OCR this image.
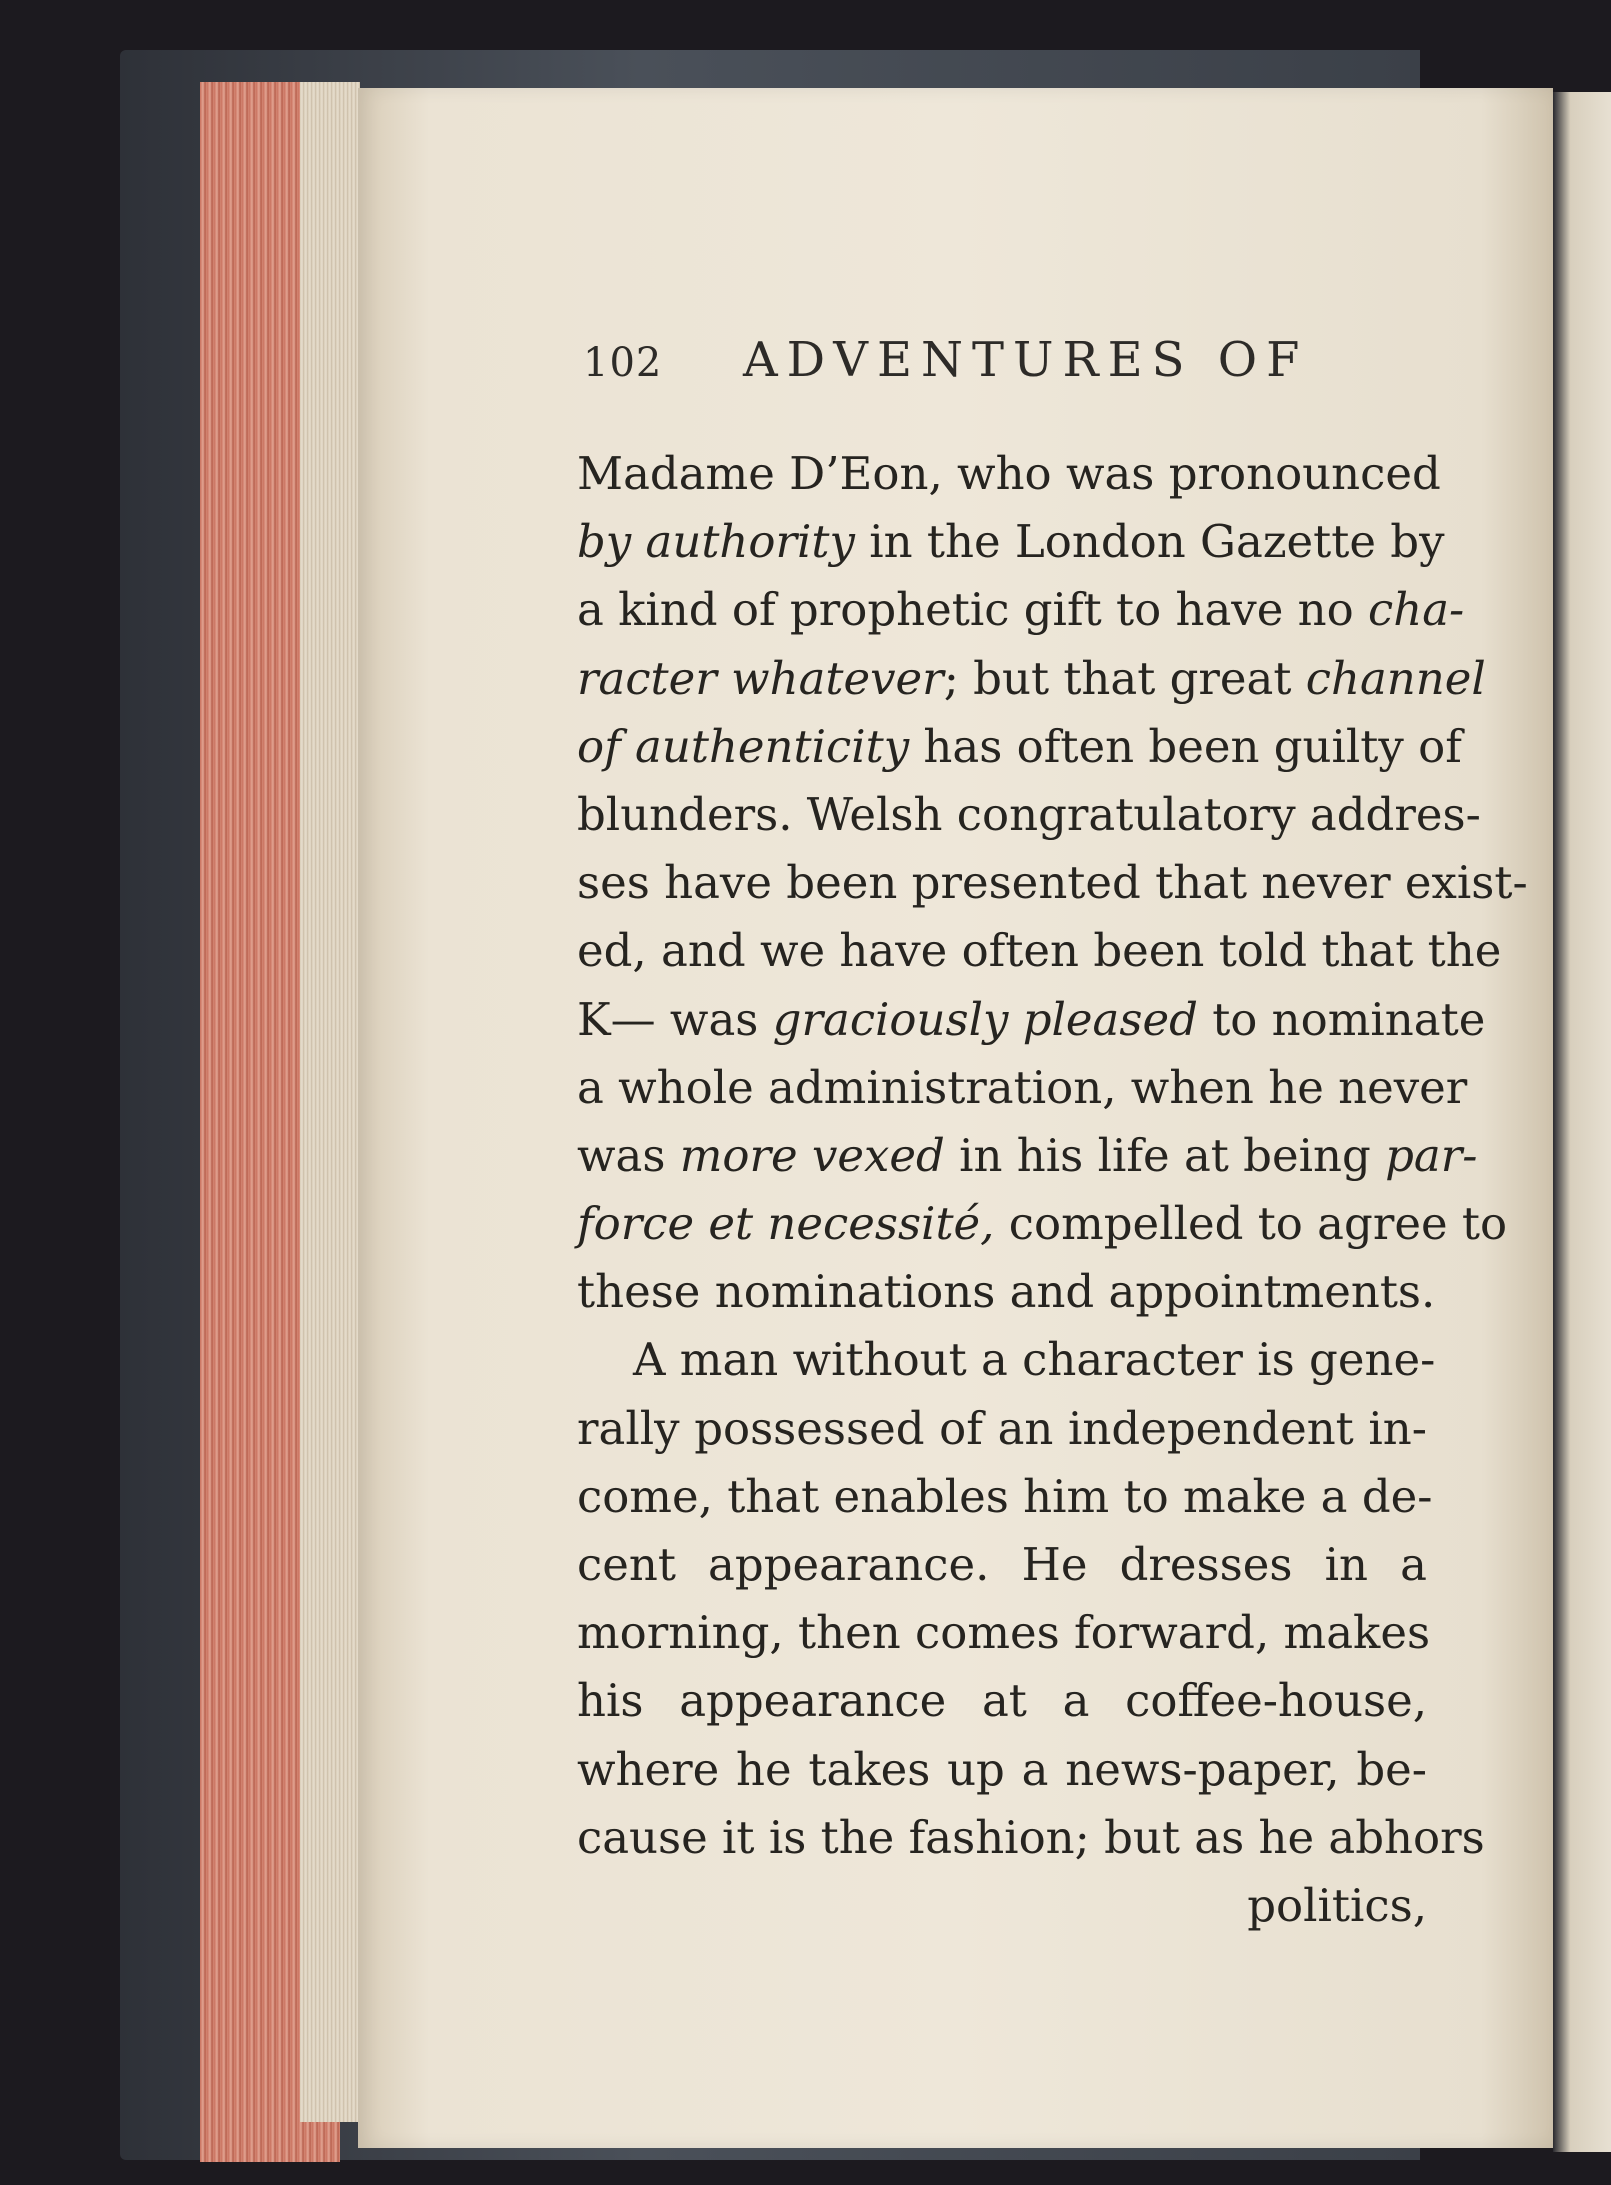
102 ADVENTURES OF
Madame D’Eon, who was pronounced
by authority in the London Gazette by
a kind of prophetic gift to have no cha-
racter whatever; but that great channel
of authenticity has often been guilty of
blunders. Welsh congratulatory addres-
ses have been presented that never exist-
ed, and we have often been told that the
K— was graciously pleased to nominate
a whole administration, when he never
was more vexed in his life at being par-
force et necessité, compelled to agree to
these nominations and appointments.
A man without a character is gene-
rally possessed of an independent in-
come, that enables him to make a de-
cent appearance. He dresses in a
morning, then comes forward, makes
his appearance at a coffee-house,
where he takes up a news-paper, be-
cause it is the fashion; but as he abhors
politics,
